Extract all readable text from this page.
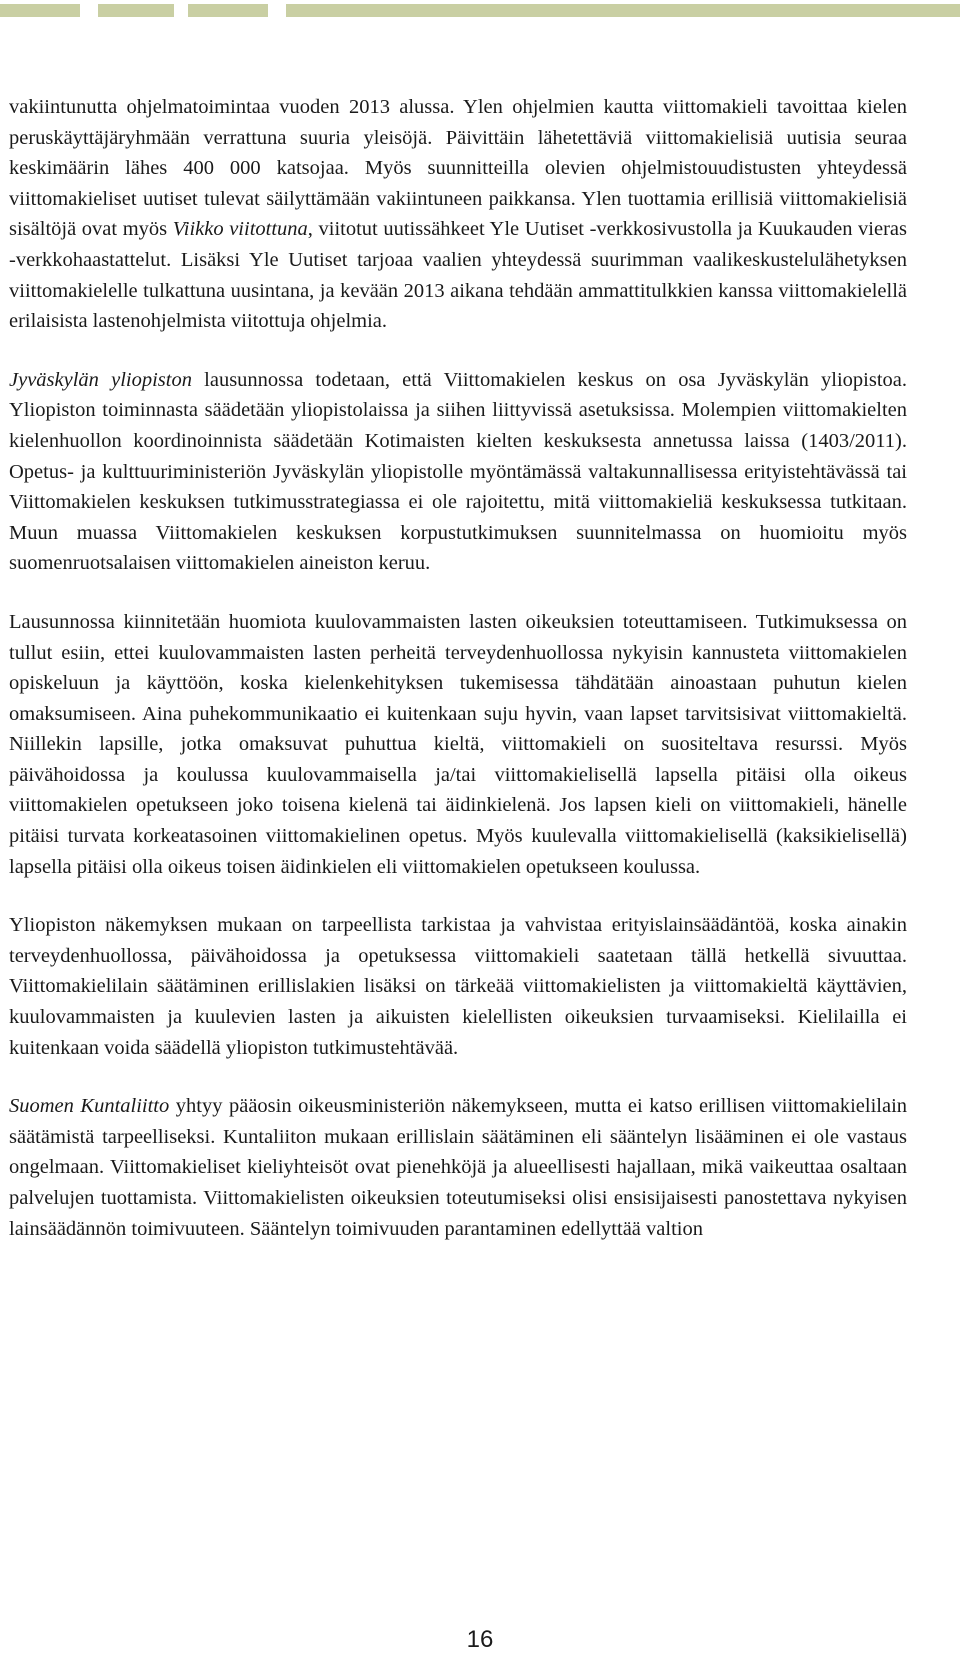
vakiintunutta ohjelmatoimintaa vuoden 2013 alussa. Ylen ohjelmien kautta viittomakieli tavoittaa kielen peruskäyttäjäryhmään verrattuna suuria yleisöjä. Päivittäin lähetettäviä viittomakielisiä uutisia seuraa keskimäärin lähes 400 000 katsojaa. Myös suunnitteilla olevien ohjelmistouudistusten yhteydessä viittomakieliset uutiset tulevat säilyttämään vakiintuneen paikkansa. Ylen tuottamia erillisiä viittomakielisiä sisältöjä ovat myös Viikko viitottuna, viitotut uutissähkeet Yle Uutiset -verkkosivustolla ja Kuukauden vieras -verkkohaastattelut. Lisäksi Yle Uutiset tarjoaa vaalien yhteydessä suurimman vaalikeskustelulähetyksen viittomakielelle tulkattuna uusintana, ja kevään 2013 aikana tehdään ammattitulkkien kanssa viittomakielellä erilaisista lastenohjelmista viitottuja ohjelmia.

Jyväskylän yliopiston lausunnossa todetaan, että Viittomakielen keskus on osa Jyväskylän yliopistoa. Yliopiston toiminnasta säädetään yliopistolaissa ja siihen liittyvissä asetuksissa. Molempien viittomakielten kielenhuollon koordinoinnista säädetään Kotimaisten kielten keskuksesta annetussa laissa (1403/2011). Opetus- ja kulttuuriministeriön Jyväskylän yliopistolle myöntämässä valtakunnallisessa erityistehtävässä tai Viittomakielen keskuksen tutkimusstrategiassa ei ole rajoitettu, mitä viittomakieliä keskuksessa tutkitaan. Muun muassa Viittomakielen keskuksen korpustutkimuksen suunnitelmassa on huomioitu myös suomenruotsalaisen viittomakielen aineiston keruu.

Lausunnossa kiinnitetään huomiota kuulovammaisten lasten oikeuksien toteuttamiseen. Tutkimuksessa on tullut esiin, ettei kuulovammaisten lasten perheitä terveydenhuollossa nykyisin kannusteta viittomakielen opiskeluun ja käyttöön, koska kielenkehityksen tukemisessa tähdätään ainoastaan puhutun kielen omaksumiseen. Aina puhekommunikaatio ei kuitenkaan suju hyvin, vaan lapset tarvitsisivat viittomakieltä. Niillekin lapsille, jotka omaksuvat puhuttua kieltä, viittomakieli on suositeltava resurssi. Myös päivähoidossa ja koulussa kuulovammaisella ja/tai viittomakielisellä lapsella pitäisi olla oikeus viittomakielen opetukseen joko toisena kielenä tai äidinkielenä. Jos lapsen kieli on viittomakieli, hänelle pitäisi turvata korkeatasoinen viittomakielinen opetus. Myös kuulevalla viittomakielisellä (kaksikielisellä) lapsella pitäisi olla oikeus toisen äidinkielen eli viittomakielen opetukseen koulussa.

Yliopiston näkemyksen mukaan on tarpeellista tarkistaa ja vahvistaa erityislainsäädäntöä, koska ainakin terveydenhuollossa, päivähoidossa ja opetuksessa viittomakieli saatetaan tällä hetkellä sivuuttaa. Viittomakielilain säätäminen erillislakien lisäksi on tärkeää viittomakielisten ja viittomakieltä käyttävien, kuulovammaisten ja kuulevien lasten ja aikuisten kielellisten oikeuksien turvaamiseksi. Kielilailla ei kuitenkaan voida säädellä yliopiston tutkimustehtävää.

Suomen Kuntaliitto yhtyy pääosin oikeusministeriön näkemykseen, mutta ei katso erillisen viittomakielilain säätämistä tarpeelliseksi. Kuntaliiton mukaan erillislain säätäminen eli sääntelyn lisääminen ei ole vastaus ongelmaan. Viittomakieliset kieliyhteisöt ovat pienehköjä ja alueellisesti hajallaan, mikä vaikeuttaa osaltaan palvelujen tuottamista. Viittomakielisten oikeuksien toteutumiseksi olisi ensisijaisesti panostettava nykyisen lainsäädännön toimivuuteen. Sääntelyn toimivuuden parantaminen edellyttää valtion

16
